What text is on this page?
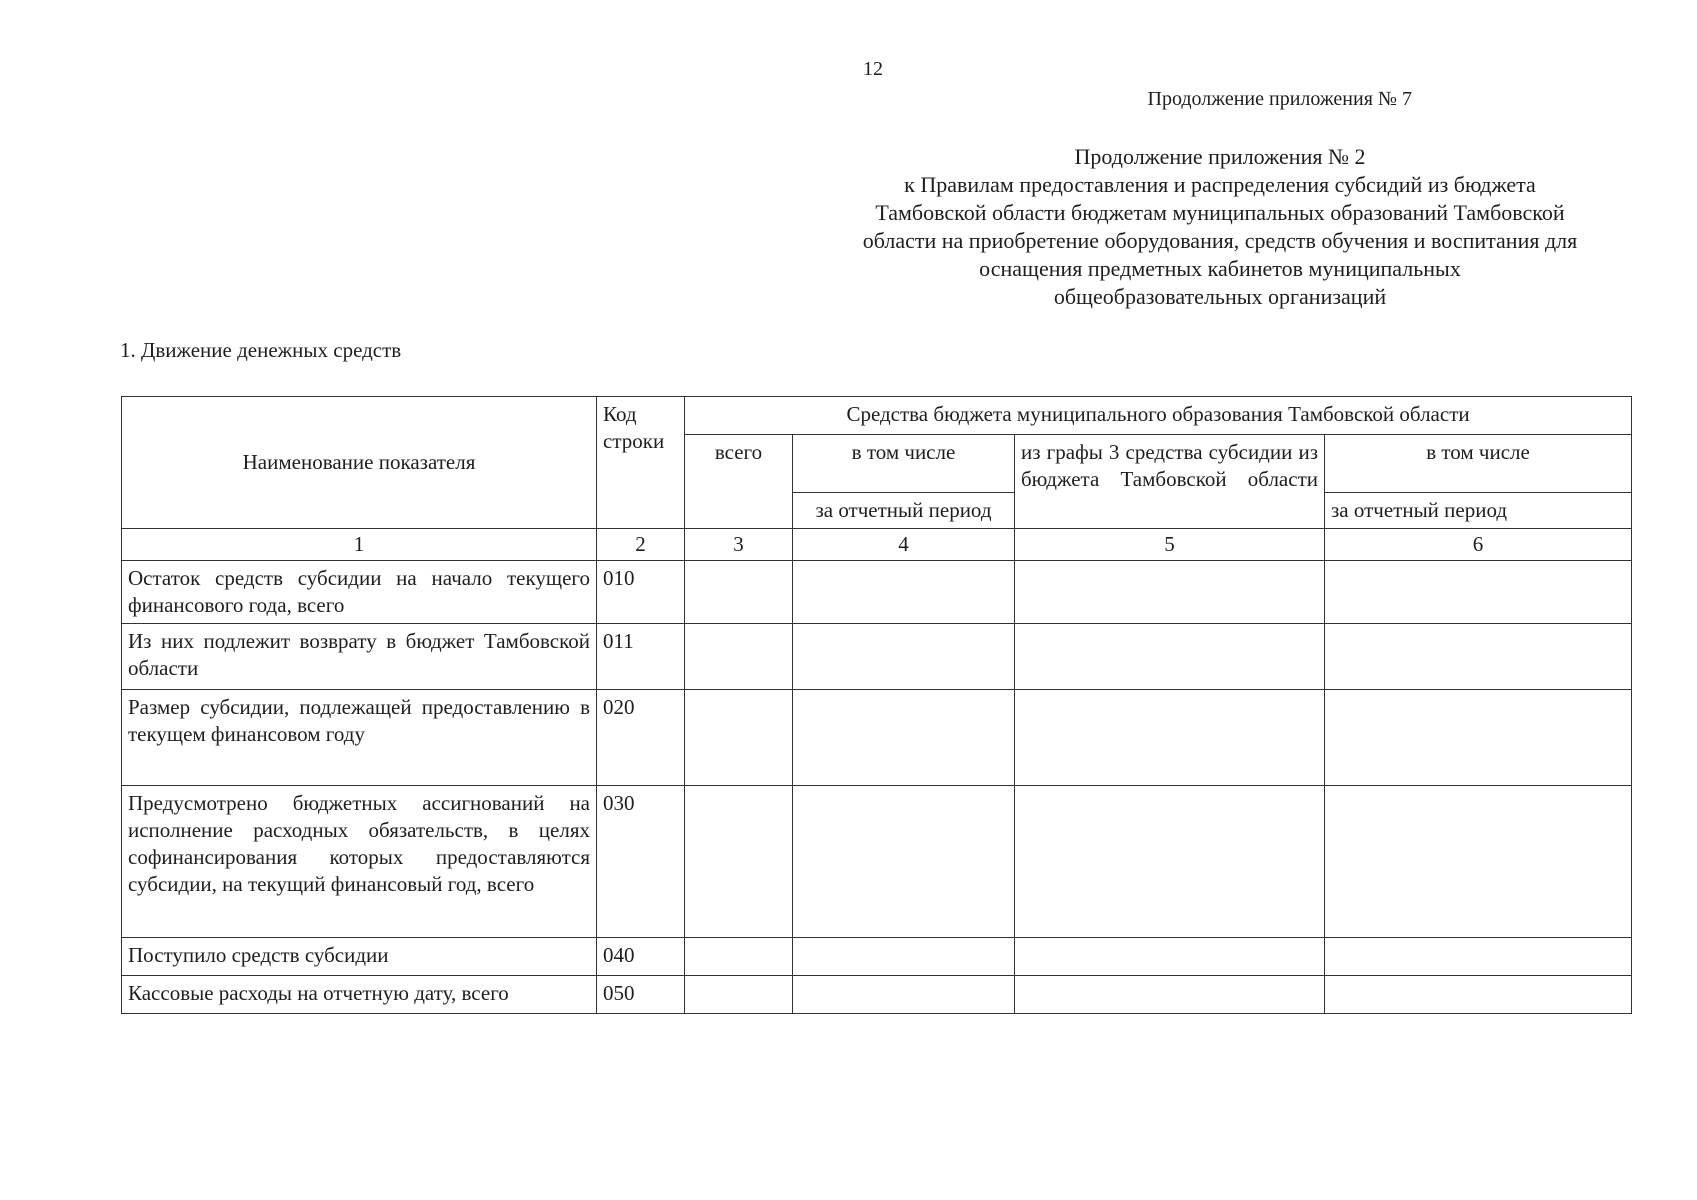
12
Продолжение приложения № 7
Продолжение приложения № 2
к Правилам предоставления и распределения субсидий из бюджета
Тамбовской области бюджетам муниципальных образований Тамбовской
области на приобретение оборудования, средств обучения и воспитания для
оснащения предметных кабинетов муниципальных
общеобразовательных организаций
1. Движение денежных средств
Наименование показателя	Код строки	Средства бюджета муниципального образования Тамбовской области			
		всего	в том числе	из графы 3 средства субсидии из бюджета Тамбовской области	в том числе
			за отчетный период		за отчетный период
1	2	3	4	5	6
Остаток средств субсидии на начало текущего финансового года, всего	010				
Из них подлежит возврату в бюджет Тамбовской области	011				
Размер субсидии, подлежащей предоставлению в текущем финансовом году	020				
Предусмотрено бюджетных ассигнований на исполнение расходных обязательств, в целях софинансирования которых предоставляются субсидии, на текущий финансовый год, всего	030				
Поступило средств субсидии	040				
Кассовые расходы на отчетную дату, всего	050				
